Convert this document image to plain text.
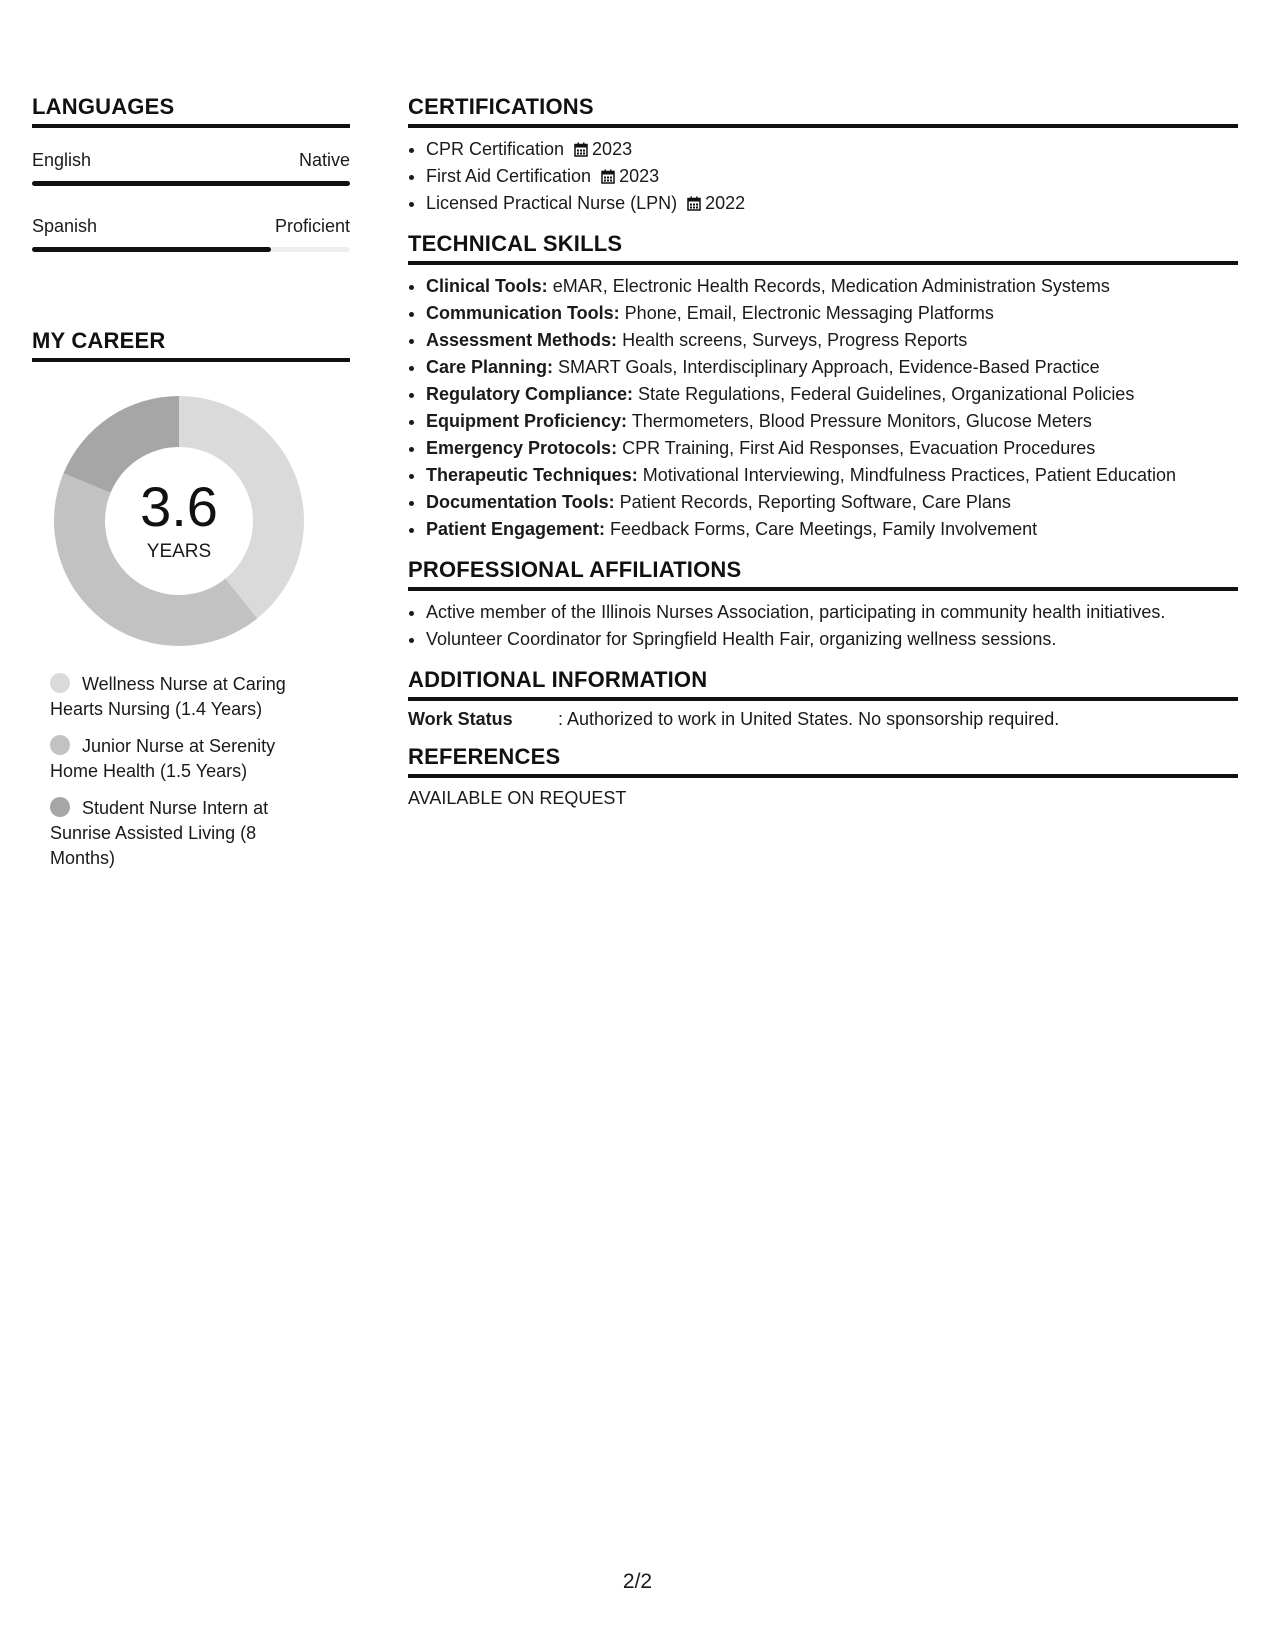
LANGUAGES
English	Native
Spanish	Proficient
MY CAREER
3.6
YEARS
Wellness Nurse at Caring Hearts Nursing (1.4 Years)
Junior Nurse at Serenity Home Health (1.5 Years)
Student Nurse Intern at Sunrise Assisted Living (8 Months)
CERTIFICATIONS
• CPR Certification 2023
• First Aid Certification 2023
• Licensed Practical Nurse (LPN) 2022
TECHNICAL SKILLS
• Clinical Tools: eMAR, Electronic Health Records, Medication Administration Systems
• Communication Tools: Phone, Email, Electronic Messaging Platforms
• Assessment Methods: Health screens, Surveys, Progress Reports
• Care Planning: SMART Goals, Interdisciplinary Approach, Evidence-Based Practice
• Regulatory Compliance: State Regulations, Federal Guidelines, Organizational Policies
• Equipment Proficiency: Thermometers, Blood Pressure Monitors, Glucose Meters
• Emergency Protocols: CPR Training, First Aid Responses, Evacuation Procedures
• Therapeutic Techniques: Motivational Interviewing, Mindfulness Practices, Patient Education
• Documentation Tools: Patient Records, Reporting Software, Care Plans
• Patient Engagement: Feedback Forms, Care Meetings, Family Involvement
PROFESSIONAL AFFILIATIONS
• Active member of the Illinois Nurses Association, participating in community health initiatives.
• Volunteer Coordinator for Springfield Health Fair, organizing wellness sessions.
ADDITIONAL INFORMATION
Work Status	: Authorized to work in United States. No sponsorship required.
REFERENCES
AVAILABLE ON REQUEST
2/2
